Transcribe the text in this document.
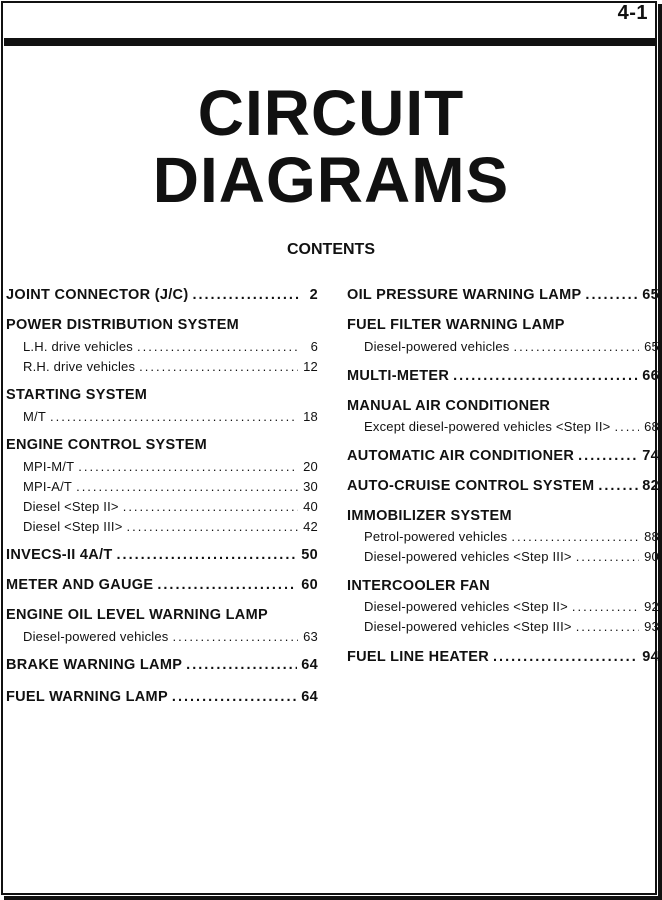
4-1
CIRCUIT
DIAGRAMS
CONTENTS
JOINT CONNECTOR (J/C) .....	2
POWER DISTRIBUTION SYSTEM
L.H. drive vehicles .....	6
R.H. drive vehicles .....	12
STARTING SYSTEM
M/T .....	18
ENGINE CONTROL SYSTEM
MPI-M/T .....	20
MPI-A/T .....	30
Diesel <Step II> .....	40
Diesel <Step III> .....	42
INVECS-II 4A/T .....	50
METER AND GAUGE .....	60
ENGINE OIL LEVEL WARNING LAMP
Diesel-powered vehicles .....	63
BRAKE WARNING LAMP .....	64
FUEL WARNING LAMP .....	64
OIL PRESSURE WARNING LAMP .....	65
FUEL FILTER WARNING LAMP
Diesel-powered vehicles .....	65
MULTI-METER .....	66
MANUAL AIR CONDITIONER
Except diesel-powered vehicles <Step II> .....	68
AUTOMATIC AIR CONDITIONER .....	74
AUTO-CRUISE CONTROL SYSTEM .....	82
IMMOBILIZER SYSTEM
Petrol-powered vehicles .....	88
Diesel-powered vehicles <Step III> .....	90
INTERCOOLER FAN
Diesel-powered vehicles <Step II> .....	92
Diesel-powered vehicles <Step III> .....	93
FUEL LINE HEATER .....	94
